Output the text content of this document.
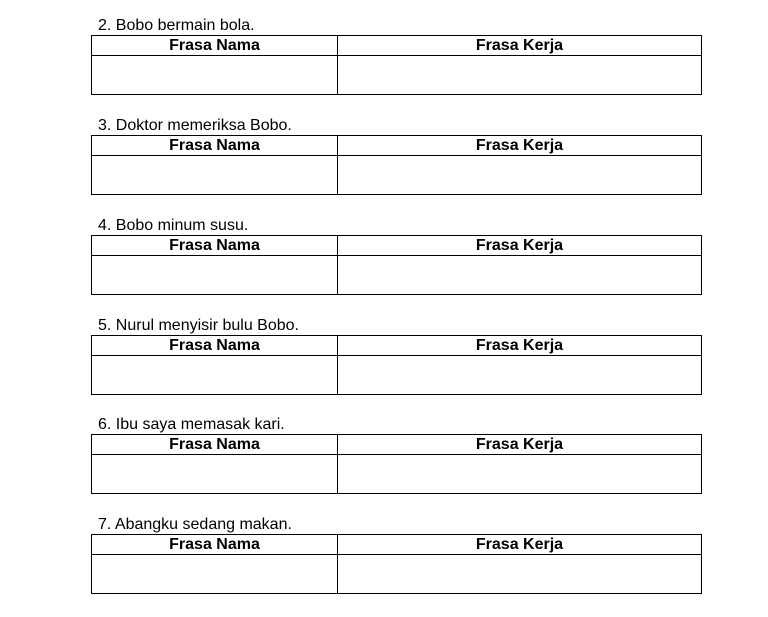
2. Bobo bermain bola.
Frasa Nama	Frasa Kerja

3. Doktor memeriksa Bobo.
Frasa Nama	Frasa Kerja

4. Bobo minum susu.
Frasa Nama	Frasa Kerja

5. Nurul menyisir bulu Bobo.
Frasa Nama	Frasa Kerja

6. Ibu saya memasak kari.
Frasa Nama	Frasa Kerja

7. Abangku sedang makan.
Frasa Nama	Frasa Kerja
